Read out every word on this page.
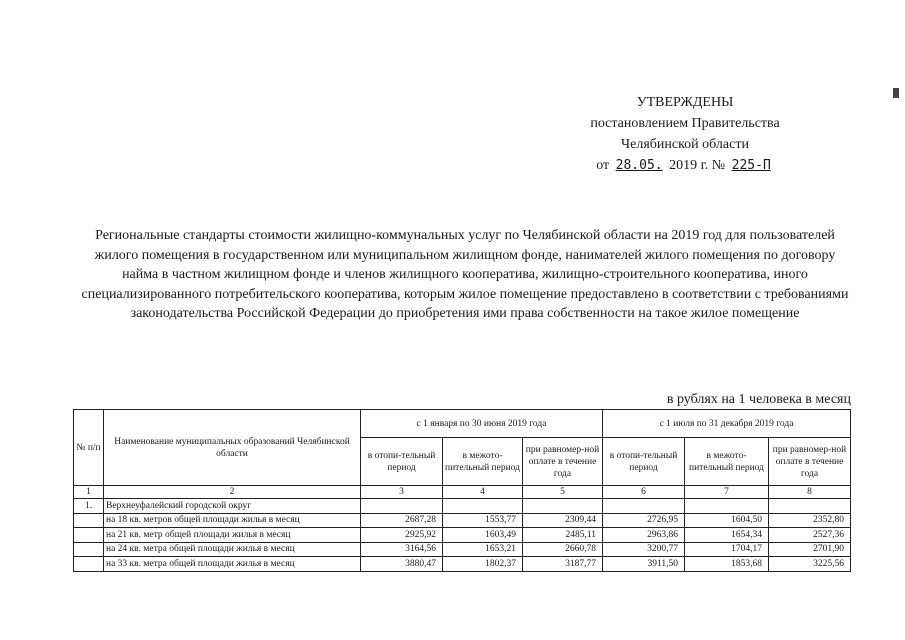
УТВЕРЖДЕНЫ
постановлением Правительства
Челябинской области
от 28.05. 2019 г. № 225-П
Региональные стандарты стоимости жилищно-коммунальных услуг по Челябинской области на 2019 год для пользователей жилого помещения в государственном или муниципальном жилищном фонде, нанимателей жилого помещения по договору найма в частном жилищном фонде и членов жилищного кооператива, жилищно-строительного кооператива, иного специализированного потребительского кооператива, которым жилое помещение предоставлено в соответствии с требованиями законодательства Российской Федерации до приобретения ими права собственности на такое жилое помещение
в рублях на 1 человека в месяц
№ п/п	Наименование муниципальных образований Челябинской области	с 1 января по 30 июня 2019 года			с 1 июля по 31 декабря 2019 года		
		в отопи-тельный период	в межото-пительный период	при равномер-ной оплате в течение года	в отопи-тельный период	в межото-пительный период	при равномер-ной оплате в течение года
1	2	3	4	5	6	7	8
1.	Верхнеуфалейский городской округ						
	на 18 кв. метров общей площади жилья в месяц	2687,28	1553,77	2309,44	2726,95	1604,50	2352,80
	на 21 кв. метр общей площади жилья в месяц	2925,92	1603,49	2485,11	2963,86	1654,34	2527,36
	на 24 кв. метра общей площади жилья в месяц	3164,56	1653,21	2660,78	3200,77	1704,17	2701,90
	на 33 кв. метра общей площади жилья в месяц	3880,47	1802,37	3187,77	3911,50	1853,68	3225,56
